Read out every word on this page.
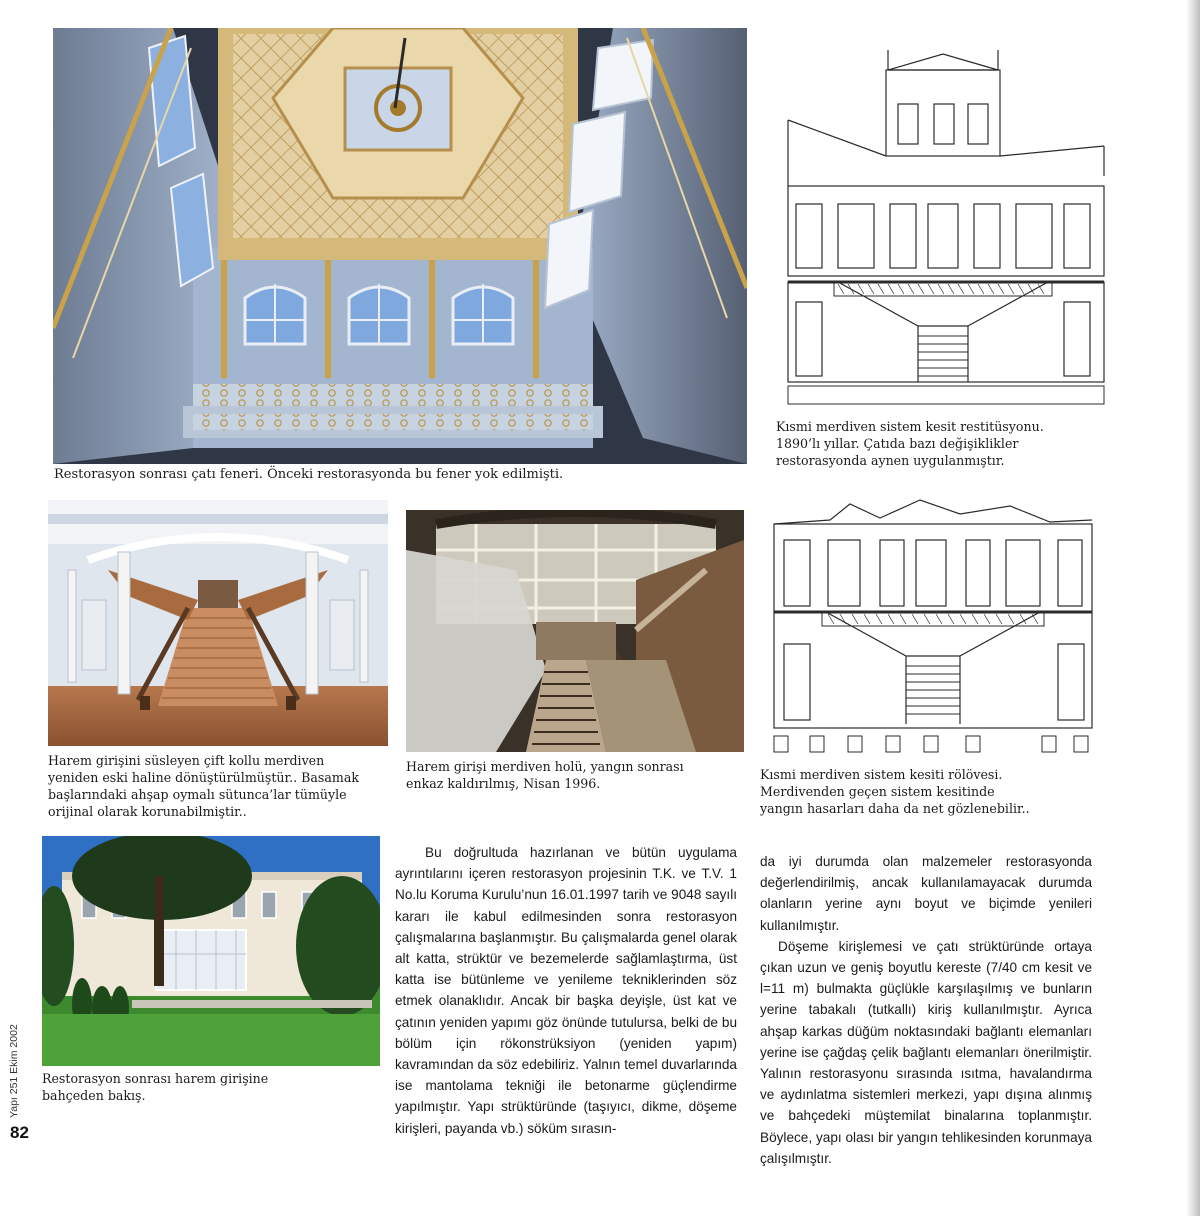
Restorasyon sonrası çatı feneri. Önceki restorasyonda bu fener yok edilmişti.
Kısmi merdiven sistem kesit restitüsyonu.
1890’lı yıllar. Çatıda bazı değişiklikler
restorasyonda aynen uygulanmıştır.
Harem girişini süsleyen çift kollu merdiven
yeniden eski haline dönüştürülmüştür.. Basamak
başlarındaki ahşap oymalı sütunca’lar tümüyle
orijinal olarak korunabilmiştir..
Harem girişi merdiven holü, yangın sonrası
enkaz kaldırılmış, Nisan 1996.
Kısmi merdiven sistem kesiti rölövesi.
Merdivenden geçen sistem kesitinde
yangın hasarları daha da net gözlenebilir..
Restorasyon sonrası harem girişine
bahçeden bakış.

Bu doğrultuda hazırlanan ve bütün uygulama ayrıntılarını içeren restorasyon projesinin T.K. ve T.V. 1 No.lu Koruma Kurulu’nun 16.01.1997 tarih ve 9048 sayılı kararı ile kabul edilmesinden sonra restorasyon çalışmalarına başlanmıştır. Bu çalışmalarda genel olarak alt katta, strüktür ve bezemelerde sağlamlaştırma, üst katta ise bütünleme ve yenileme tekniklerinden söz etmek olanaklıdır. Ancak bir başka deyişle, üst kat ve çatının yeniden yapımı göz önünde tutulursa, belki de bu bölüm için rökonstrüksiyon (yeniden yapım) kavramından da söz edebiliriz. Yalnın temel duvarlarında ise mantolama tekniği ile betonarme güçlendirme yapılmıştır. Yapı strüktüründe (taşıyıcı, dikme, döşeme kirişleri, payanda vb.) söküm sırasın-

da iyi durumda olan malzemeler restorasyonda değerlendirilmiş, ancak kullanılamayacak durumda olanların yerine aynı boyut ve biçimde yenileri kullanılmıştır.

Döşeme kirişlemesi ve çatı strüktüründe ortaya çıkan uzun ve geniş boyutlu kereste (7/40 cm kesit ve l=11 m) bulmakta güçlükle karşılaşılmış ve bunların yerine tabakalı (tutkallı) kiriş kullanılmıştır. Ayrıca ahşap karkas düğüm noktasındaki bağlantı elemanları yerine ise çağdaş çelik bağlantı elemanları önerilmiştir. Yalının restorasyonu sırasında ısıtma, havalandırma ve aydınlatma sistemleri merkezi, yapı dışına alınmış ve bahçedeki müştemilat binalarına toplanmıştır. Böylece, yapı olası bir yangın tehlikesinden korunmaya çalışılmıştır.

Yapı 251 Ekim 2002
82
